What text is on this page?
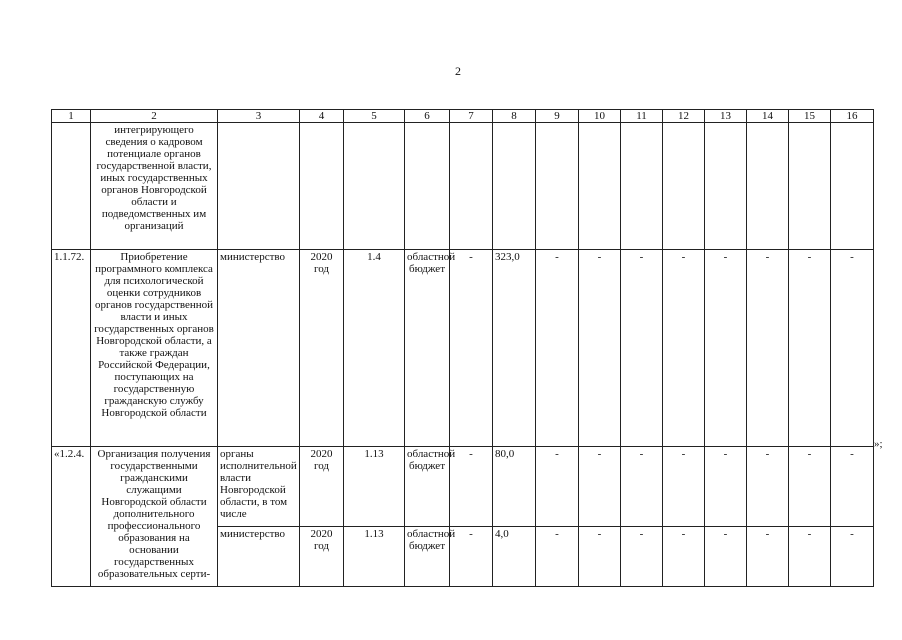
2
1	2	3	4	5	6	7	8	9	10	11	12	13	14	15	16
	интегрирующего сведения о кадровом потенциале органов государственной власти, иных государственных органов Новгородской области и подведомственных им организаций														
1.1.72.	Приобретение программного комплекса для психологической оценки сотрудников органов государственной власти и иных государственных органов Новгородской области, а также граждан Российской Федерации, поступающих на государственную гражданскую службу Новгородской области	министерство	2020 год	1.4	областной бюджет	-	323,0	-	-	-	-	-	-	-	-
«1.2.4.	Организация получения государственными гражданскими служащими Новгородской области дополнительного профессионального образования на основании государственных образовательных серти-	органы исполнительной власти Новгородской области, в том числе	2020 год	1.13	областной бюджет	-	80,0	-	-	-	-	-	-	-	-
		министерство	2020 год	1.13	областной бюджет	-	4,0	-	-	-	-	-	-	-	-
»;
